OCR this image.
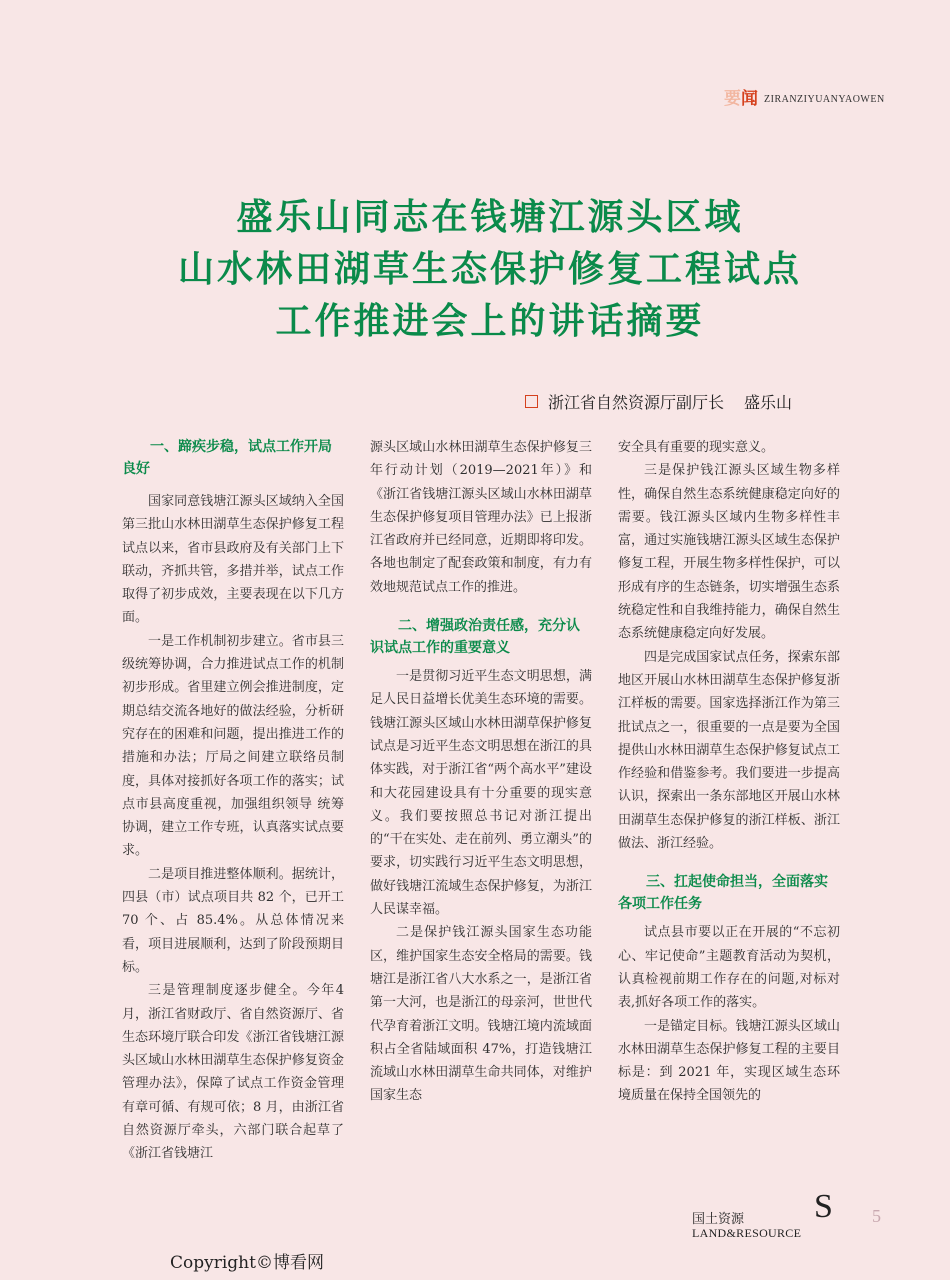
要 闻 ZIRANZIYUANYAOWEN
盛乐山同志在钱塘江源头区域
山水林田湖草生态保护修复工程试点
工作推进会上的讲话摘要
浙江省自然资源厅副厅长 盛乐山
一、蹄疾步稳，试点工作开局良好

国家同意钱塘江源头区域纳入全国第三批山水林田湖草生态保护修复工程试点以来，省市县政府及有关部门上下联动，齐抓共管，多措并举，试点工作取得了初步成效，主要表现在以下几方面。

一是工作机制初步建立。省市县三级统筹协调，合力推进试点工作的机制初步形成。省里建立例会推进制度，定期总结交流各地好的做法经验，分析研究存在的困难和问题，提出推进工作的措施和办法；厅局之间建立联络员制度，具体对接抓好各项工作的落实；试点市县高度重视，加强组织领导 统筹协调，建立工作专班，认真落实试点要求。

二是项目推进整体顺利。据统计，四县（市）试点项目共 82 个，已开工 70 个、占 85.4%。从总体情况来看，项目进展顺利，达到了阶段预期目标。

三是管理制度逐步健全。今年4月，浙江省财政厅、省自然资源厅、省生态环境厅联合印发《浙江省钱塘江源头区域山水林田湖草生态保护修复资金管理办法》，保障了试点工作资金管理有章可循、有规可依；8 月，由浙江省自然资源厅牵头，六部门联合起草了《浙江省钱塘江

源头区域山水林田湖草生态保护修复三年行动计划（2019—2021年）》和《浙江省钱塘江源头区域山水林田湖草生态保护修复项目管理办法》已上报浙江省政府并已经同意，近期即将印发。各地也制定了配套政策和制度，有力有效地规范试点工作的推进。

二、增强政治责任感，充分认识试点工作的重要意义

一是贯彻习近平生态文明思想，满足人民日益增长优美生态环境的需要。钱塘江源头区域山水林田湖草保护修复试点是习近平生态文明思想在浙江的具体实践，对于浙江省“两个高水平”建设和大花园建设具有十分重要的现实意义。我们要按照总书记对浙江提出的“干在实处、走在前列、勇立潮头”的要求，切实践行习近平生态文明思想，做好钱塘江流域生态保护修复，为浙江人民谋幸福。

二是保护钱江源头国家生态功能区，维护国家生态安全格局的需要。钱塘江是浙江省八大水系之一，是浙江省第一大河，也是浙江的母亲河，世世代代孕育着浙江文明。钱塘江境内流域面积占全省陆域面积 47%，打造钱塘江流域山水林田湖草生命共同体，对维护国家生态

安全具有重要的现实意义。

三是保护钱江源头区域生物多样性，确保自然生态系统健康稳定向好的需要。钱江源头区域内生物多样性丰富，通过实施钱塘江源头区域生态保护修复工程，开展生物多样性保护，可以形成有序的生态链条，切实增强生态系统稳定性和自我维持能力，确保自然生态系统健康稳定向好发展。

四是完成国家试点任务，探索东部地区开展山水林田湖草生态保护修复浙江样板的需要。国家选择浙江作为第三批试点之一，很重要的一点是要为全国提供山水林田湖草生态保护修复试点工作经验和借鉴参考。我们要进一步提高认识，探索出一条东部地区开展山水林田湖草生态保护修复的浙江样板、浙江做法、浙江经验。

三、扛起使命担当，全面落实各项工作任务

试点县市要以正在开展的“不忘初心、牢记使命”主题教育活动为契机，认真检视前期工作存在的问题,对标对表,抓好各项工作的落实。

一是锚定目标。钱塘江源头区域山水林田湖草生态保护修复工程的主要目标是：到 2021 年，实现区域生态环境质量在保持全国领先的

S
国土资源
LAND&RESOURCE
5
Copyright©博看网
